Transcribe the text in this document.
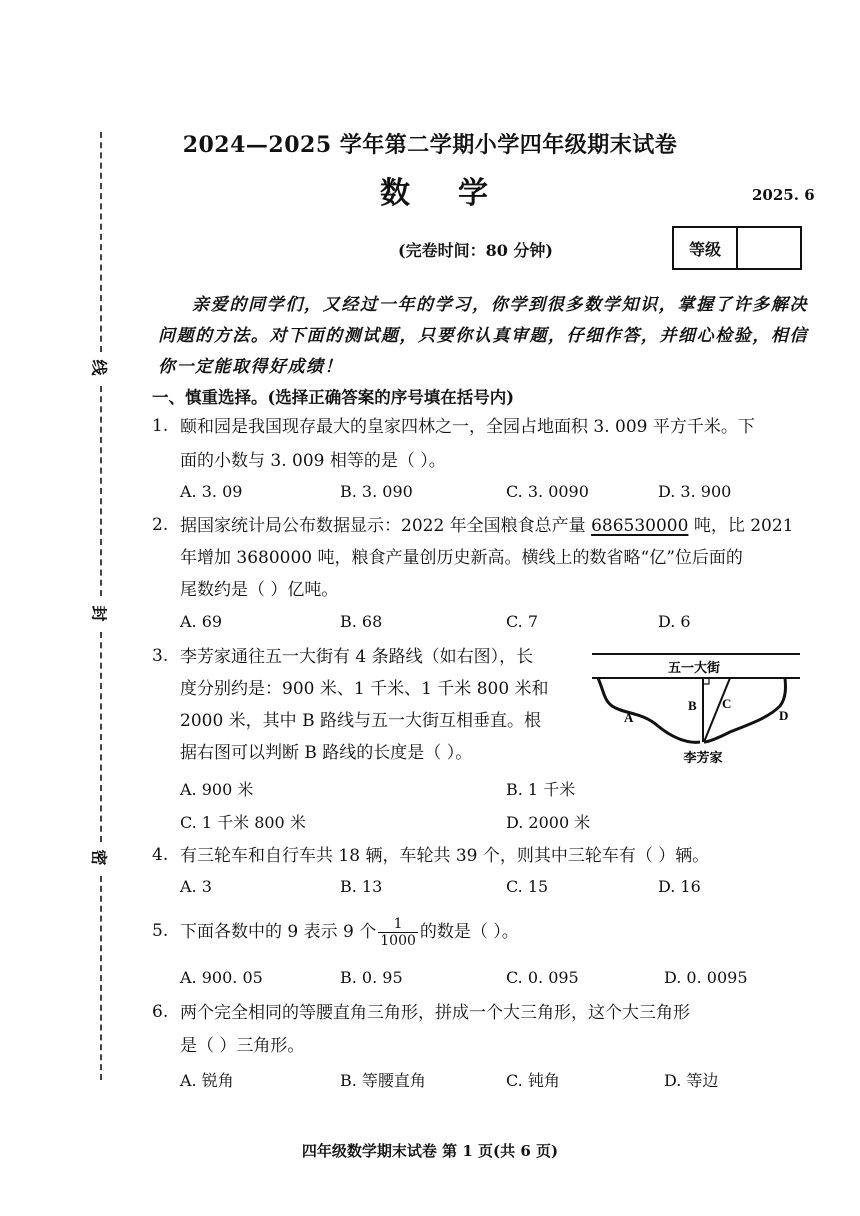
线
封
密
2024—2025 学年第二学期小学四年级期末试卷
数学	2025. 6
(完卷时间：80 分钟)	等级
亲爱的同学们，又经过一年的学习，你学到很多数学知识，掌握了许多解决问题的方法。对下面的测试题，只要你认真审题，仔细作答，并细心检验，相信你一定能取得好成绩！
一、慎重选择。(选择正确答案的序号填在括号内)
1. 颐和园是我国现存最大的皇家四林之一，全园占地面积 3. 009 平方千米。下
面的小数与 3. 009 相等的是（ ）。
A. 3. 09	B. 3. 090	C. 3. 0090	D. 3. 900
2. 据国家统计局公布数据显示：2022 年全国粮食总产量 686530000 吨，比 2021
年增加 3680000 吨，粮食产量创历史新高。横线上的数省略“亿”位后面的
尾数约是（ ）亿吨。
A. 69	B. 68	C. 7	D. 6
3. 李芳家通往五一大街有 4 条路线（如右图），长
度分别约是：900 米、1 千米、1 千米 800 米和
2000 米，其中 B 路线与五一大街互相垂直。根
据右图可以判断 B 路线的长度是（ ）。
A. 900 米	B. 1 千米
C. 1 千米 800 米	D. 2000 米
五一大街
A
B C
D
李芳家
4. 有三轮车和自行车共 18 辆，车轮共 39 个，则其中三轮车有（ ）辆。
A. 3	B. 13	C. 15	D. 16
5. 下面各数中的 9 表示 9 个 $\frac{1}{1000}$ 的数是（ ）。
A. 900. 05	B. 0. 95	C. 0. 095	D. 0. 0095
6. 两个完全相同的等腰直角三角形，拼成一个大三角形，这个大三角形
是（ ）三角形。
A. 锐角	B. 等腰直角	C. 钝角	D. 等边
四年级数学期末试卷 第 1 页(共 6 页)
